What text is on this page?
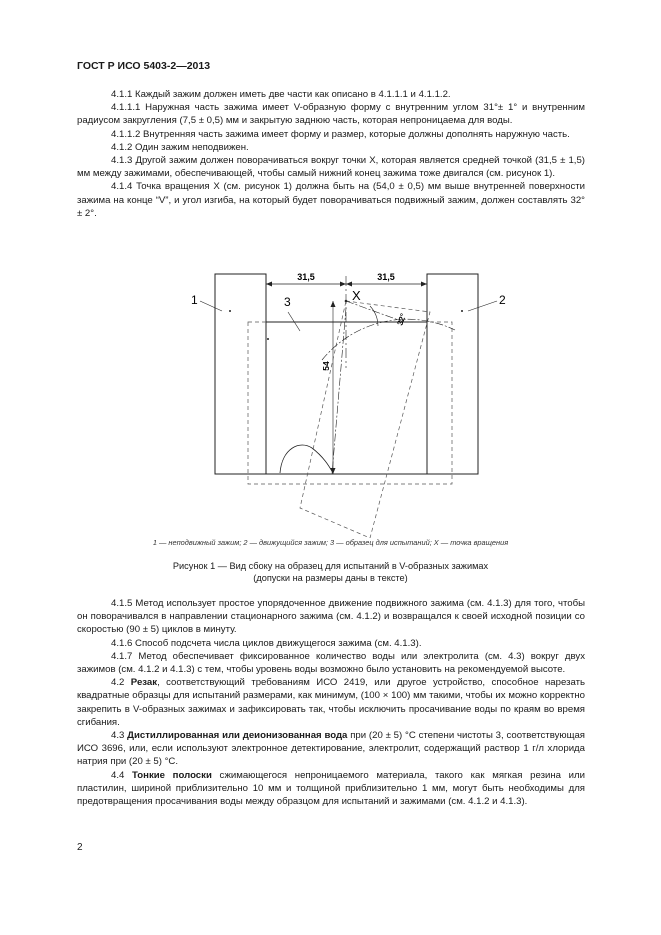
ГОСТ Р ИСО 5403-2—2013

4.1.1 Каждый зажим должен иметь две части как описано в 4.1.1.1 и 4.1.1.2.

4.1.1.1 Наружная часть зажима имеет V-образную форму с внутренним углом 31°± 1° и внутренним радиусом закругления (7,5 ± 0,5) мм и закрытую заднюю часть, которая непроницаема для воды.

4.1.1.2 Внутренняя часть зажима имеет форму и размер, которые должны дополнять наружную часть.

4.1.2 Один зажим неподвижен.

4.1.3 Другой зажим должен поворачиваться вокруг точки X, которая является средней точкой (31,5 ± 1,5) мм между зажимами, обеспечивающей, чтобы самый нижний конец зажима тоже двигался (см. рисунок 1).

4.1.4 Точка вращения X (см. рисунок 1) должна быть на (54,0 ± 0,5) мм выше внутренней поверхности зажима на конце “V”, и угол изгиба, на который будет поворачиваться подвижный зажим, должен составлять 32°± 2°.

31,5	31,5
54
X
32°
1	2
3
1 — неподвижный зажим; 2 — движущийся зажим; 3 — образец для испытаний; X — точка вращения
Рисунок 1 — Вид сбоку на образец для испытаний в V-образных зажимах
(допуски на размеры даны в тексте)

4.1.5 Метод использует простое упорядоченное движение подвижного зажима (см. 4.1.3) для того, чтобы он поворачивался в направлении стационарного зажима (см. 4.1.2) и возвращался к своей исходной позиции со скоростью (90 ± 5) циклов в минуту.

4.1.6 Способ подсчета числа циклов движущегося зажима (см. 4.1.3).

4.1.7 Метод обеспечивает фиксированное количество воды или электролита (см. 4.3) вокруг двух зажимов (см. 4.1.2 и 4.1.3) с тем, чтобы уровень воды возможно было установить на рекомендуемой высоте.

4.2 Резак, соответствующий требованиям ИСО 2419, или другое устройство, способное нарезать квадратные образцы для испытаний размерами, как минимум, (100 × 100) мм такими, чтобы их можно корректно закрепить в V-образных зажимах и зафиксировать так, чтобы исключить просачивание воды по краям во время сгибания.

4.3 Дистиллированная или деионизованная вода при (20 ± 5) °С степени чистоты 3, соответствующая ИСО 3696, или, если используют электронное детектирование, электролит, содержащий раствор 1 г/л хлорида натрия при (20 ± 5) °С.

4.4 Тонкие полоски сжимающегося непроницаемого материала, такого как мягкая резина или пластилин, шириной приблизительно 10 мм и толщиной приблизительно 1 мм, могут быть необходимы для предотвращения просачивания воды между образцом для испытаний и зажимами (см. 4.1.2 и 4.1.3).

2
